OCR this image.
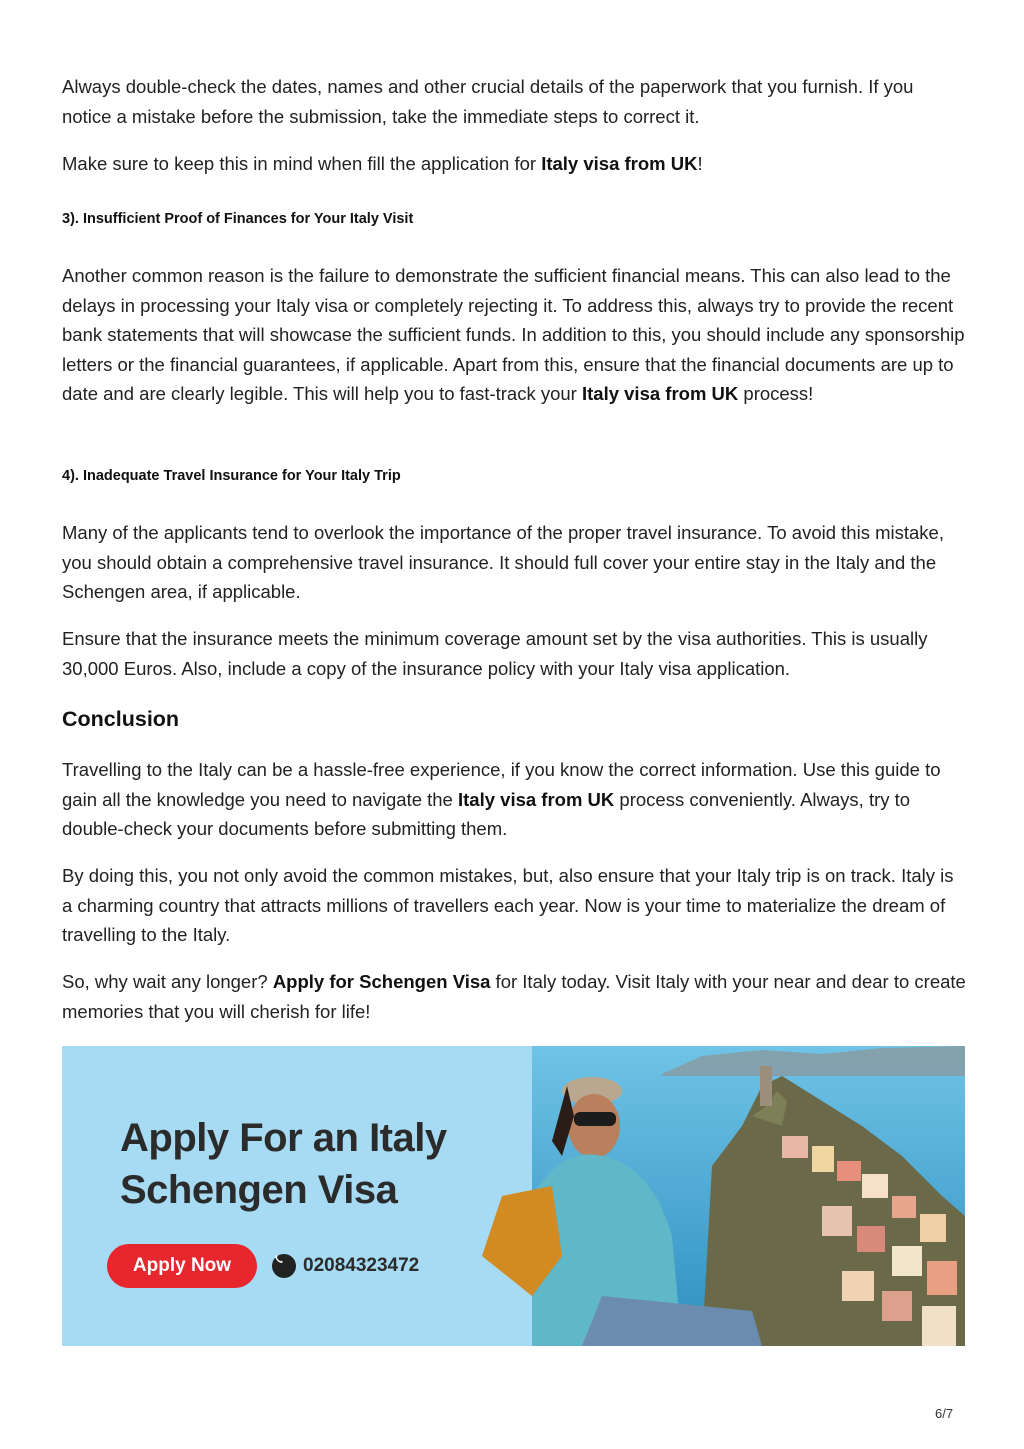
Always double-check the dates, names and other crucial details of the paperwork that you furnish. If you notice a mistake before the submission, take the immediate steps to correct it.

Make sure to keep this in mind when fill the application for Italy visa from UK!

3). Insufficient Proof of Finances for Your Italy Visit

Another common reason is the failure to demonstrate the sufficient financial means. This can also lead to the delays in processing your Italy visa or completely rejecting it. To address this, always try to provide the recent bank statements that will showcase the sufficient funds. In addition to this, you should include any sponsorship letters or the financial guarantees, if applicable. Apart from this, ensure that the financial documents are up to date and are clearly legible. This will help you to fast-track your Italy visa from UK process!

4). Inadequate Travel Insurance for Your Italy Trip

Many of the applicants tend to overlook the importance of the proper travel insurance. To avoid this mistake, you should obtain a comprehensive travel insurance. It should full cover your entire stay in the Italy and the Schengen area, if applicable.

Ensure that the insurance meets the minimum coverage amount set by the visa authorities. This is usually 30,000 Euros. Also, include a copy of the insurance policy with your Italy visa application.

Conclusion

Travelling to the Italy can be a hassle-free experience, if you know the correct information. Use this guide to gain all the knowledge you need to navigate the Italy visa from UK process conveniently. Always, try to double-check your documents before submitting them.

By doing this, you not only avoid the common mistakes, but, also ensure that your Italy trip is on track. Italy is a charming country that attracts millions of travellers each year. Now is your time to materialize the dream of travelling to the Italy.

So, why wait any longer? Apply for Schengen Visa for Italy today. Visit Italy with your near and dear to create memories that you will cherish for life!

Apply For an Italy
Schengen Visa
Apply Now	02084323472
6/7
